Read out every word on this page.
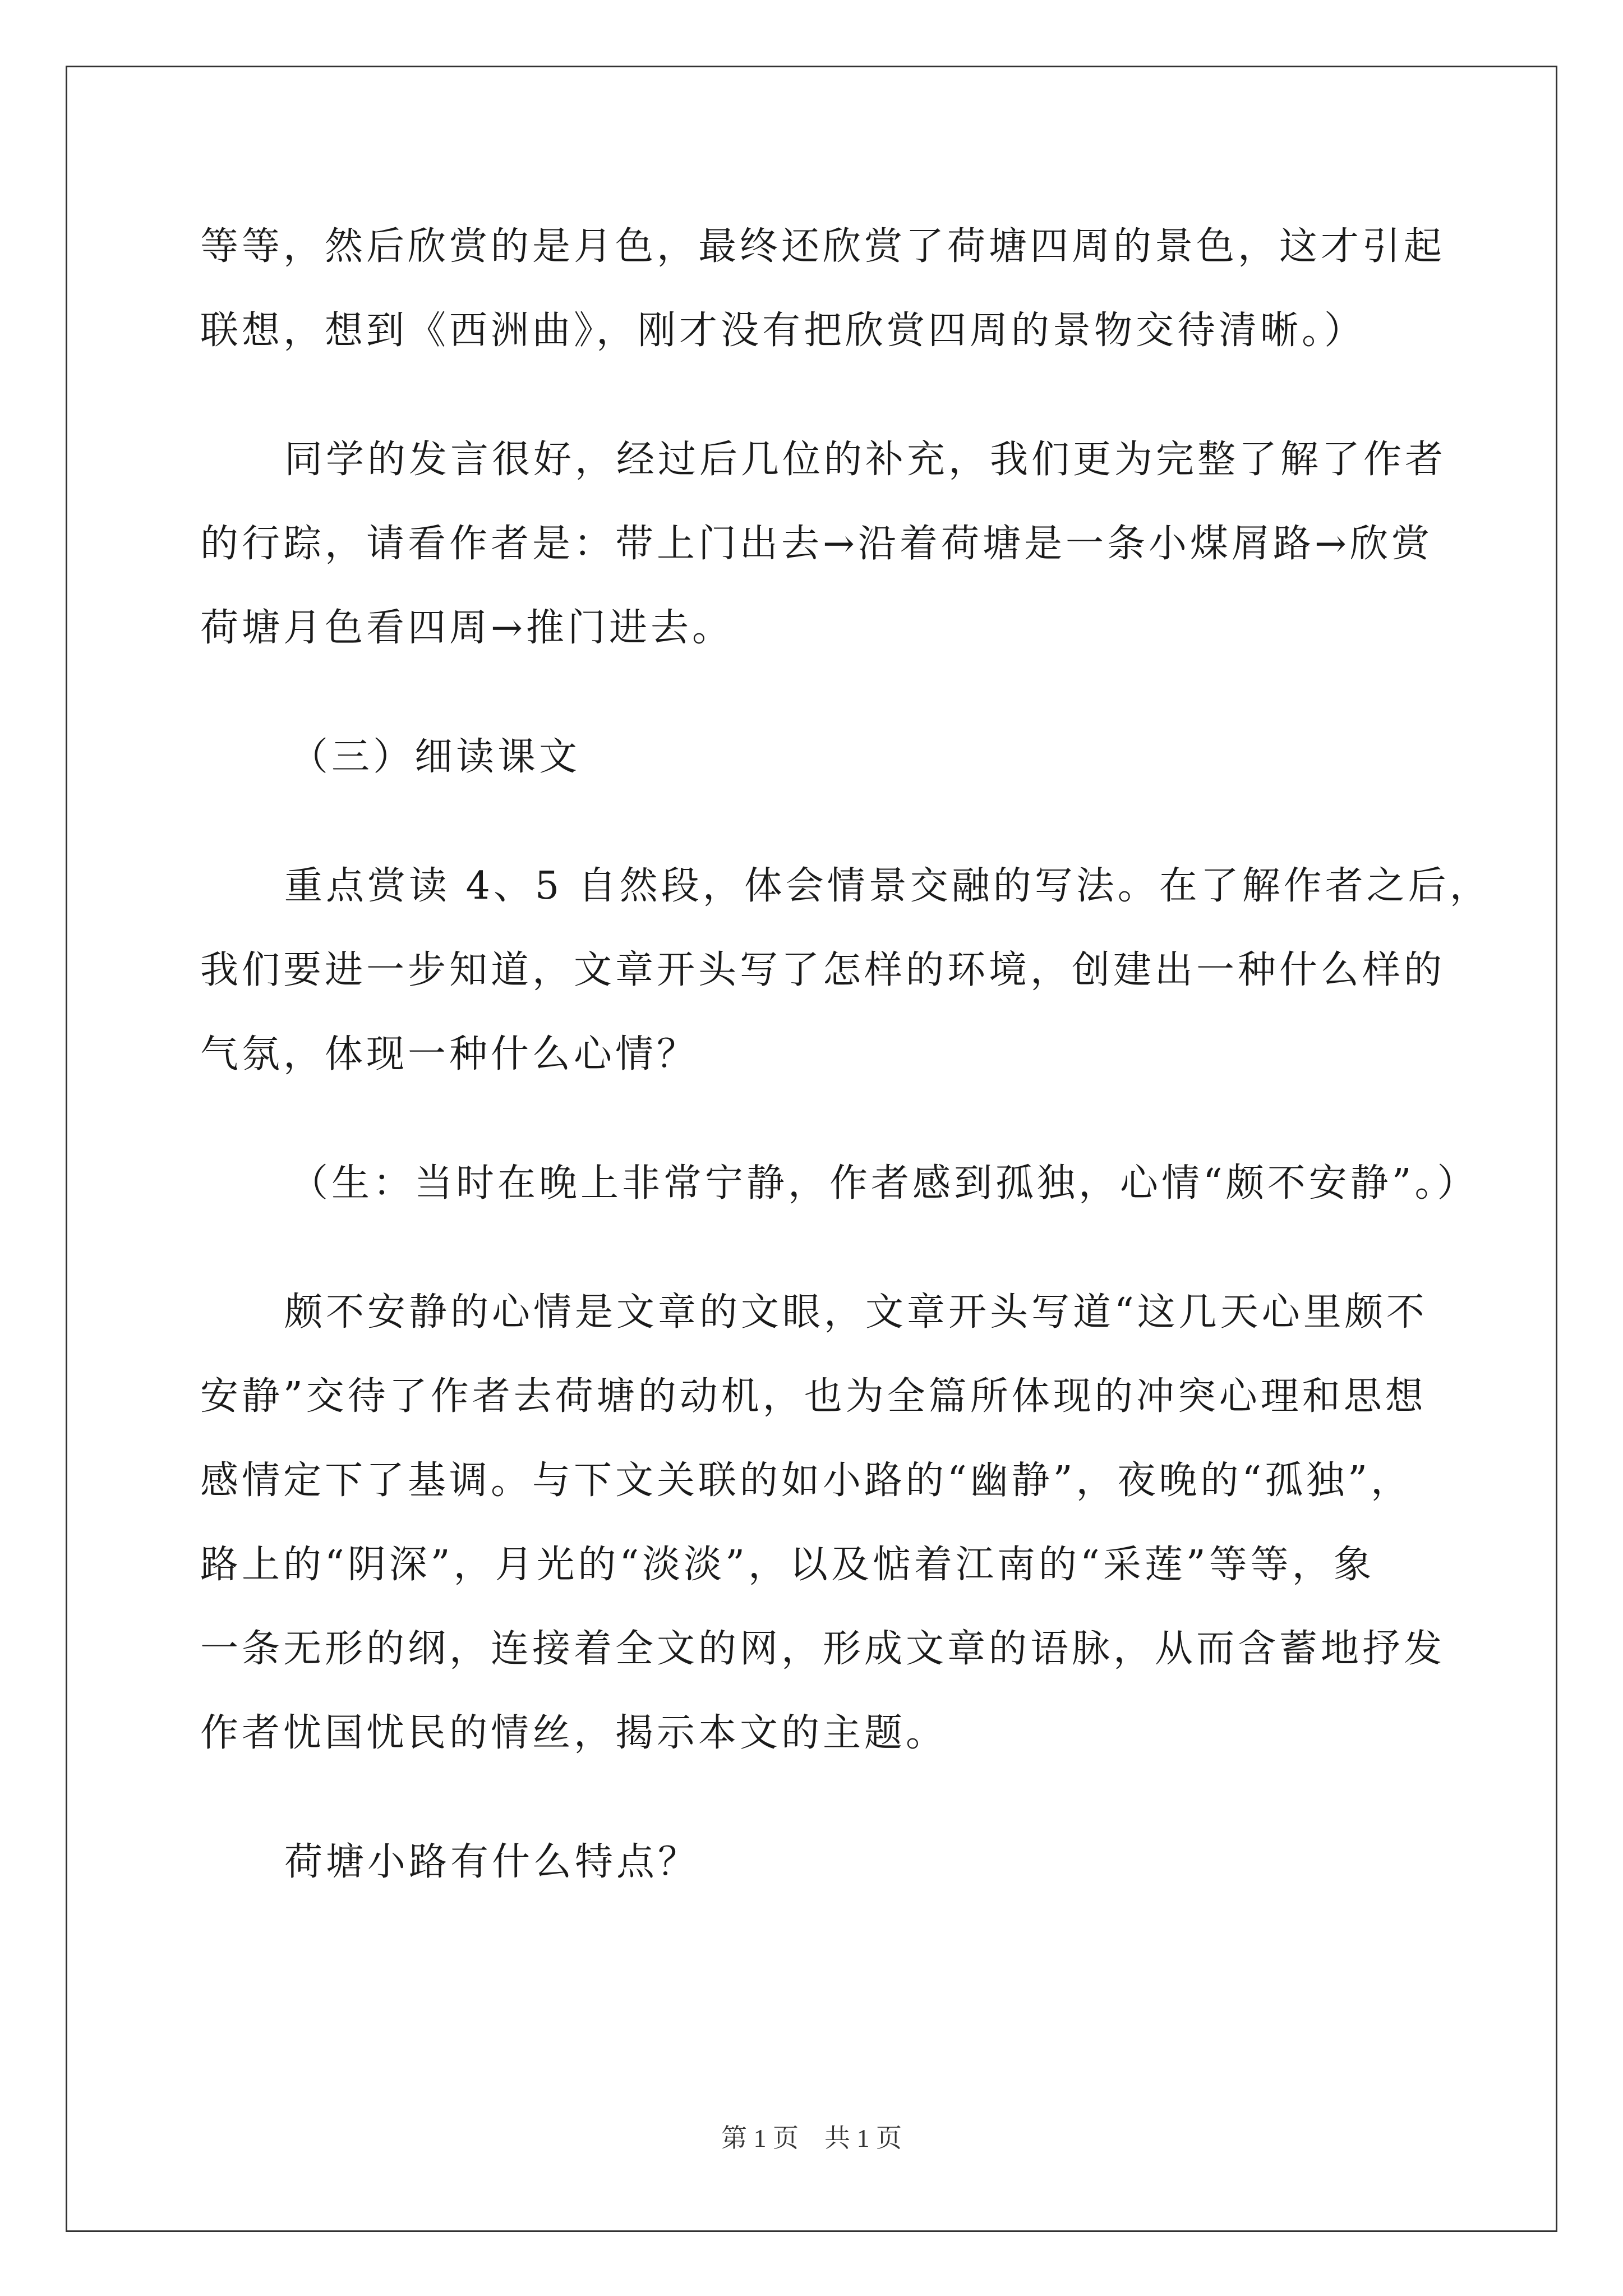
等等，然后欣赏的是月色，最终还欣赏了荷塘四周的景色，这才引起
联想，想到《西洲曲》，刚才没有把欣赏四周的景物交待清晰。）
同学的发言很好，经过后几位的补充，我们更为完整了解了作者
的行踪，请看作者是：带上门出去→沿着荷塘是一条小煤屑路→欣赏
荷塘月色看四周→推门进去。
（三）细读课文
重点赏读 4、5 自然段，体会情景交融的写法。在了解作者之后，
我们要进一步知道，文章开头写了怎样的环境，创建出一种什么样的
气氛，体现一种什么心情？
（生：当时在晚上非常宁静，作者感到孤独，心情“颇不安静”。）
颇不安静的心情是文章的文眼，文章开头写道“这几天心里颇不
安静”交待了作者去荷塘的动机，也为全篇所体现的冲突心理和思想
感情定下了基调。与下文关联的如小路的“幽静”，夜晚的“孤独”，
路上的“阴深”，月光的“淡淡”，以及惦着江南的“采莲”等等，象
一条无形的纲，连接着全文的网，形成文章的语脉，从而含蓄地抒发
作者忧国忧民的情丝，揭示本文的主题。
荷塘小路有什么特点？
第 1 页　共 1 页
